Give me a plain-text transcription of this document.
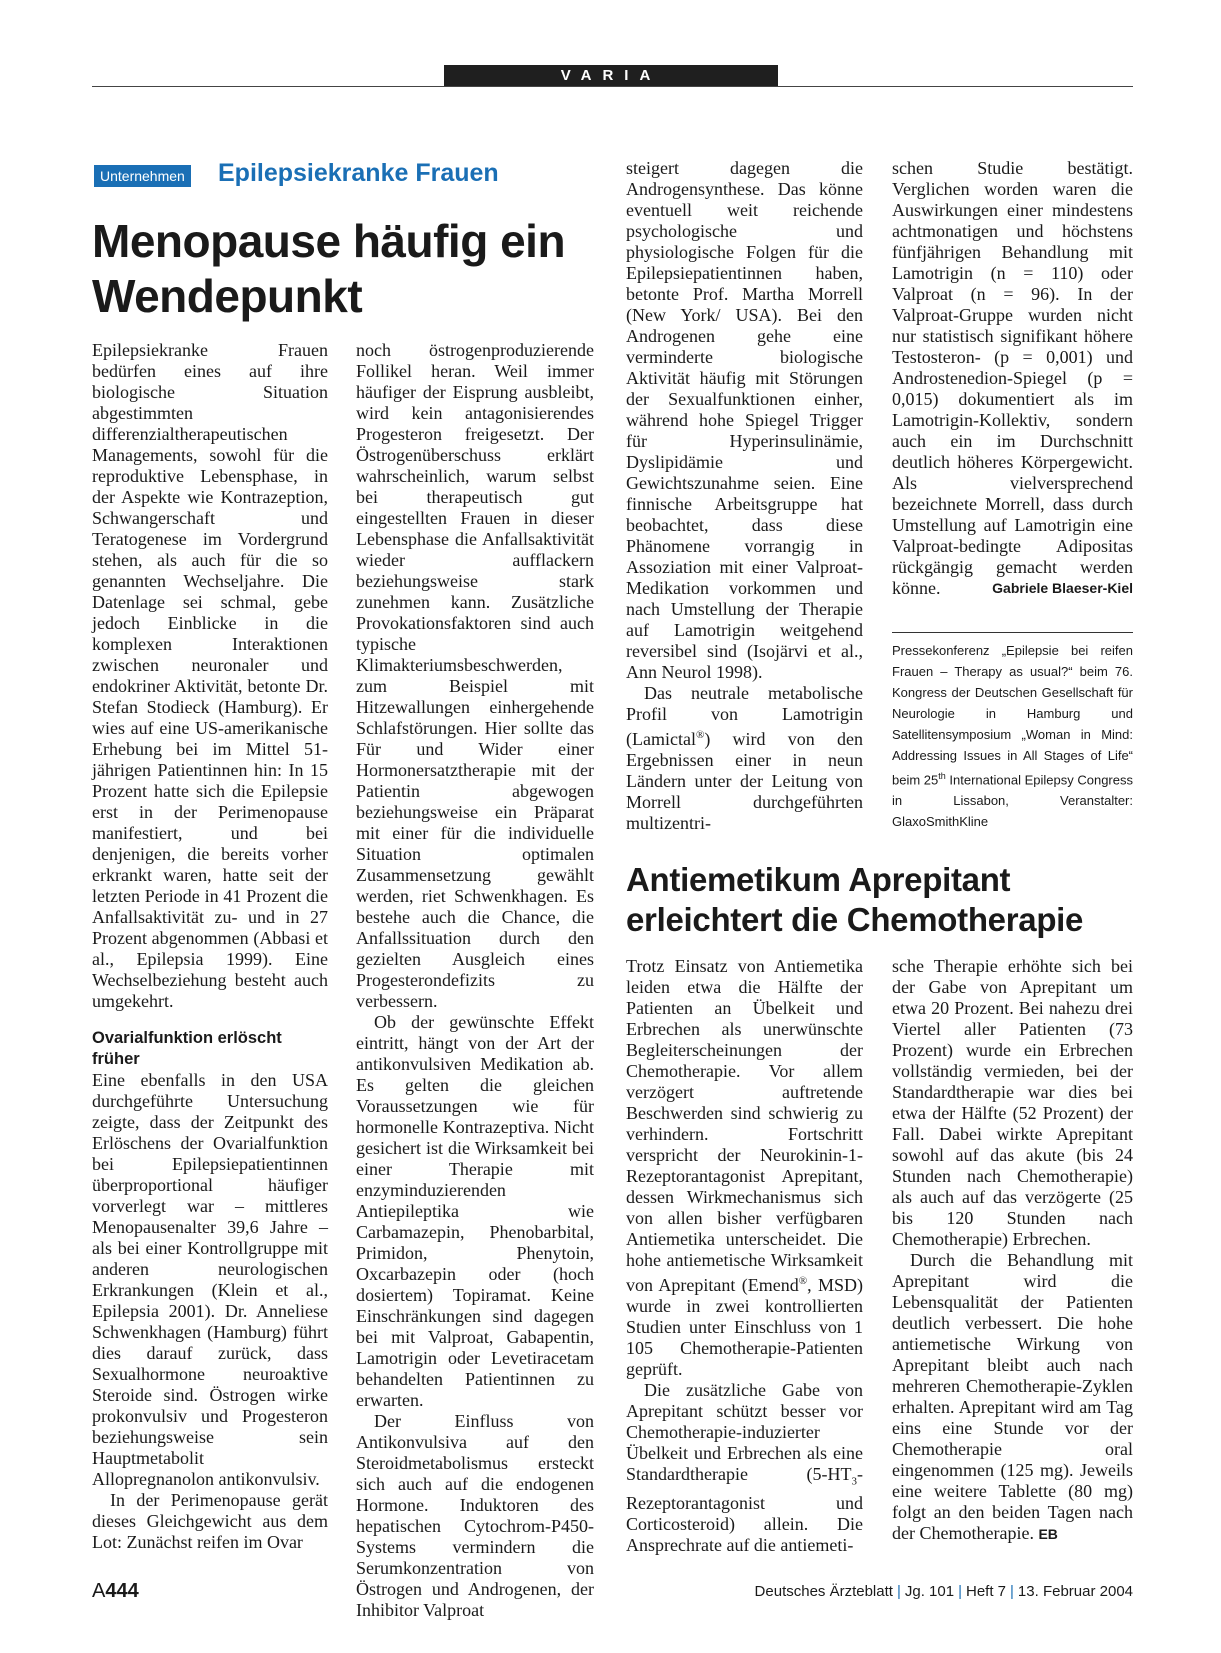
VARIA
Unternehmen Epilepsiekranke Frauen
Menopause häufig ein
Wendepunkt

Epilepsiekranke Frauen bedürfen eines auf ihre biologische Situation abgestimmten differenzialtherapeutischen Managements, sowohl für die reproduktive Lebensphase, in der Aspekte wie Kontrazeption, Schwangerschaft und Teratogenese im Vordergrund stehen, als auch für die so genannten Wechseljahre. Die Datenlage sei schmal, gebe jedoch Einblicke in die komplexen Interaktionen zwischen neuronaler und endokriner Aktivität, betonte Dr. Stefan Stodieck (Hamburg). Er wies auf eine US-amerikanische Erhebung bei im Mittel 51-jährigen Patientinnen hin: In 15 Prozent hatte sich die Epilepsie erst in der Perimenopause manifestiert, und bei denjenigen, die bereits vorher erkrankt waren, hatte seit der letzten Periode in 41 Prozent die Anfallsaktivität zu- und in 27 Prozent abgenommen (Abbasi et al., Epilepsia 1999). Eine Wechselbeziehung besteht auch umgekehrt.

Ovarialfunktion erlöscht früher

Eine ebenfalls in den USA durchgeführte Untersuchung zeigte, dass der Zeitpunkt des Erlöschens der Ovarialfunktion bei Epilepsiepatientinnen überproportional häufiger vorverlegt war – mittleres Menopausenalter 39,6 Jahre – als bei einer Kontrollgruppe mit anderen neurologischen Erkrankungen (Klein et al., Epilepsia 2001). Dr. Anneliese Schwenkhagen (Hamburg) führt dies darauf zurück, dass Sexualhormone neuroaktive Steroide sind. Östrogen wirke prokonvulsiv und Progesteron beziehungsweise sein Hauptmetabolit Allopregnanolon antikonvulsiv.

In der Perimenopause gerät dieses Gleichgewicht aus dem Lot: Zunächst reifen im Ovar

noch östrogenproduzierende Follikel heran. Weil immer häufiger der Eisprung ausbleibt, wird kein antagonisierendes Progesteron freigesetzt. Der Östrogenüberschuss erklärt wahrscheinlich, warum selbst bei therapeutisch gut eingestellten Frauen in dieser Lebensphase die Anfallsaktivität wieder aufflackern beziehungsweise stark zunehmen kann. Zusätzliche Provokationsfaktoren sind auch typische Klimakteriumsbeschwerden, zum Beispiel mit Hitzewallungen einhergehende Schlafstörungen. Hier sollte das Für und Wider einer Hormonersatztherapie mit der Patientin abgewogen beziehungsweise ein Präparat mit einer für die individuelle Situation optimalen Zusammensetzung gewählt werden, riet Schwenkhagen. Es bestehe auch die Chance, die Anfallssituation durch den gezielten Ausgleich eines Progesterondefizits zu verbessern.

Ob der gewünschte Effekt eintritt, hängt von der Art der antikonvulsiven Medikation ab. Es gelten die gleichen Voraussetzungen wie für hormonelle Kontrazeptiva. Nicht gesichert ist die Wirksamkeit bei einer Therapie mit enzyminduzierenden Antiepileptika wie Carbamazepin, Phenobarbital, Primidon, Phenytoin, Oxcarbazepin oder (hoch dosiertem) Topiramat. Keine Einschränkungen sind dagegen bei mit Valproat, Gabapentin, Lamotrigin oder Levetiracetam behandelten Patientinnen zu erwarten.

Der Einfluss von Antikonvulsiva auf den Steroidmetabolismus ersteckt sich auch auf die endogenen Hormone. Induktoren des hepatischen Cytochrom-P450-Systems vermindern die Serumkonzentration von Östrogen und Androgenen, der Inhibitor Valproat

steigert dagegen die Androgensynthese. Das könne eventuell weit reichende psychologische und physiologische Folgen für die Epilepsiepatientinnen haben, betonte Prof. Martha Morrell (New York/ USA). Bei den Androgenen gehe eine verminderte biologische Aktivität häufig mit Störungen der Sexualfunktionen einher, während hohe Spiegel Trigger für Hyperinsulinämie, Dyslipidämie und Gewichtszunahme seien. Eine finnische Arbeitsgruppe hat beobachtet, dass diese Phänomene vorrangig in Assoziation mit einer Valproat-Medikation vorkommen und nach Umstellung der Therapie auf Lamotrigin weitgehend reversibel sind (Isojärvi et al., Ann Neurol 1998).

Das neutrale metabolische Profil von Lamotrigin (Lamictal®) wird von den Ergebnissen einer in neun Ländern unter der Leitung von Morrell durchgeführten multizentri-

schen Studie bestätigt. Verglichen worden waren die Auswirkungen einer mindestens achtmonatigen und höchstens fünfjährigen Behandlung mit Lamotrigin (n = 110) oder Valproat (n = 96). In der Valproat-Gruppe wurden nicht nur statistisch signifikant höhere Testosteron- (p = 0,001) und Androstenedion-Spiegel (p = 0,015) dokumentiert als im Lamotrigin-Kollektiv, sondern auch ein im Durchschnitt deutlich höheres Körpergewicht. Als vielversprechend bezeichnete Morrell, dass durch Umstellung auf Lamotrigin eine Valproat-bedingte Adipositas rückgängig gemacht werden könne.	Gabriele Blaeser-Kiel

Pressekonferenz „Epilepsie bei reifen Frauen – Therapy as usual?“ beim 76. Kongress der Deutschen Gesellschaft für Neurologie in Hamburg und Satellitensymposium „Woman in Mind: Addressing Issues in All Stages of Life“ beim 25th International Epilepsy Congress in Lissabon, Veranstalter: GlaxoSmithKline
Antiemetikum Aprepitant
erleichtert die Chemotherapie

Trotz Einsatz von Antiemetika leiden etwa die Hälfte der Patienten an Übelkeit und Erbrechen als unerwünschte Begleiterscheinungen der Chemotherapie. Vor allem verzögert auftretende Beschwerden sind schwierig zu verhindern. Fortschritt verspricht der Neurokinin-1-Rezeptorantagonist Aprepitant, dessen Wirkmechanismus sich von allen bisher verfügbaren Antiemetika unterscheidet. Die hohe antiemetische Wirksamkeit von Aprepitant (Emend®, MSD) wurde in zwei kontrollierten Studien unter Einschluss von 1 105 Chemotherapie-Patienten geprüft.

Die zusätzliche Gabe von Aprepitant schützt besser vor Chemotherapie-induzierter Übelkeit und Erbrechen als eine Standardtherapie ($5-HT_3$-Rezeptorantagonist und Corticosteroid) allein. Die Ansprechrate auf die antiemeti-

sche Therapie erhöhte sich bei der Gabe von Aprepitant um etwa 20 Prozent. Bei nahezu drei Viertel aller Patienten (73 Prozent) wurde ein Erbrechen vollständig vermieden, bei der Standardtherapie war dies bei etwa der Hälfte (52 Prozent) der Fall. Dabei wirkte Aprepitant sowohl auf das akute (bis 24 Stunden nach Chemotherapie) als auch auf das verzögerte (25 bis 120 Stunden nach Chemotherapie) Erbrechen.

Durch die Behandlung mit Aprepitant wird die Lebensqualität der Patienten deutlich verbessert. Die hohe antiemetische Wirkung von Aprepitant bleibt auch nach mehreren Chemotherapie-Zyklen erhalten. Aprepitant wird am Tag eins eine Stunde vor der Chemotherapie oral eingenommen (125 mg). Jeweils eine weitere Tablette (80 mg) folgt an den beiden Tagen nach der Chemotherapie. EB

A444	Deutsches Ärzteblatt | Jg. 101 | Heft 7 | 13. Februar 2004
